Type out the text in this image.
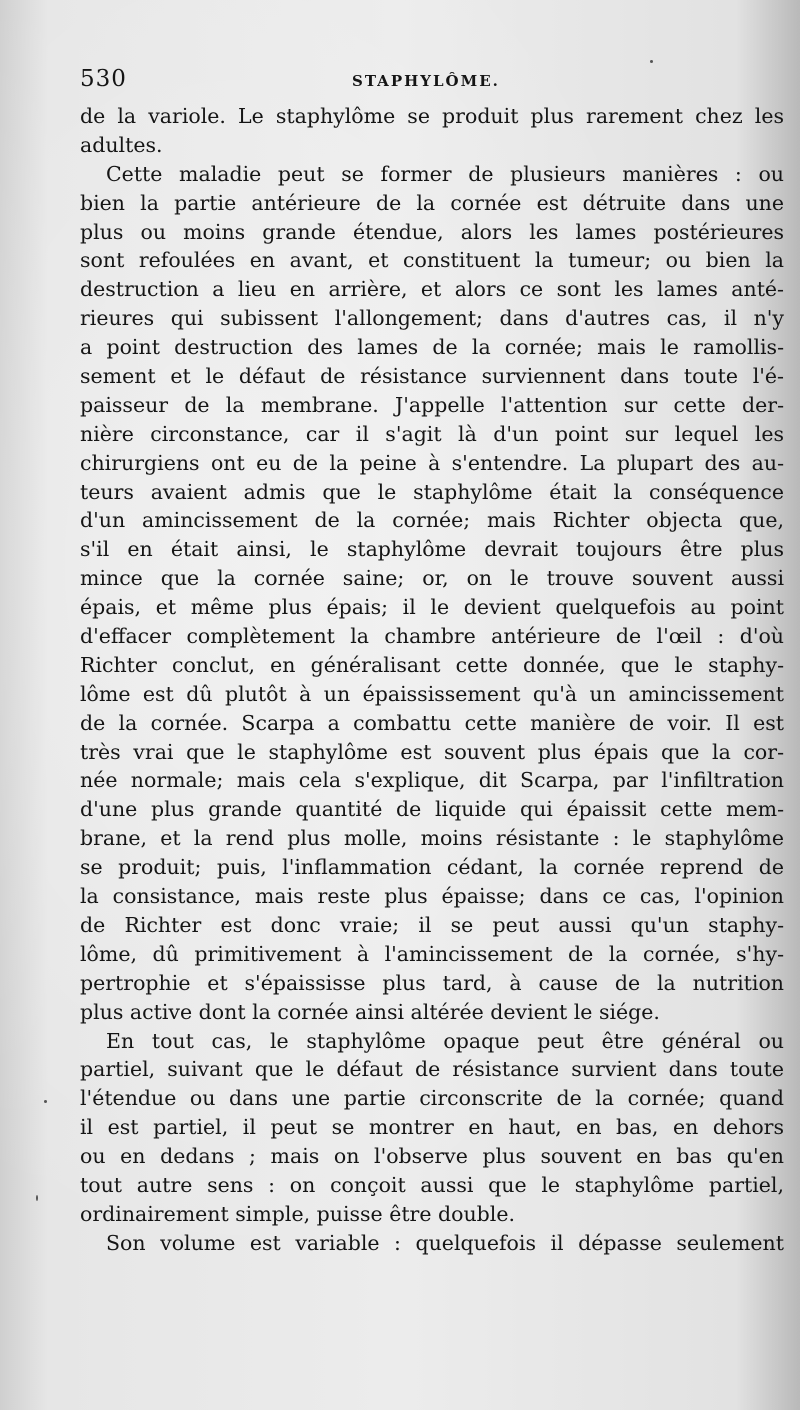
530	STAPHYLÔME.
de la variole. Le staphylôme se produit plus rarement chez les
adultes.
Cette maladie peut se former de plusieurs manières : ou
bien la partie antérieure de la cornée est détruite dans une
plus ou moins grande étendue, alors les lames postérieures
sont refoulées en avant, et constituent la tumeur; ou bien la
destruction a lieu en arrière, et alors ce sont les lames anté-
rieures qui subissent l'allongement; dans d'autres cas, il n'y
a point destruction des lames de la cornée; mais le ramollis-
sement et le défaut de résistance surviennent dans toute l'é-
paisseur de la membrane. J'appelle l'attention sur cette der-
nière circonstance, car il s'agit là d'un point sur lequel les
chirurgiens ont eu de la peine à s'entendre. La plupart des au-
teurs avaient admis que le staphylôme était la conséquence
d'un amincissement de la cornée; mais Richter objecta que,
s'il en était ainsi, le staphylôme devrait toujours être plus
mince que la cornée saine; or, on le trouve souvent aussi
épais, et même plus épais; il le devient quelquefois au point
d'effacer complètement la chambre antérieure de l'œil : d'où
Richter conclut, en généralisant cette donnée, que le staphy-
lôme est dû plutôt à un épaississement qu'à un amincissement
de la cornée. Scarpa a combattu cette manière de voir. Il est
très vrai que le staphylôme est souvent plus épais que la cor-
née normale; mais cela s'explique, dit Scarpa, par l'infiltration
d'une plus grande quantité de liquide qui épaissit cette mem-
brane, et la rend plus molle, moins résistante : le staphylôme
se produit; puis, l'inflammation cédant, la cornée reprend de
la consistance, mais reste plus épaisse; dans ce cas, l'opinion
de Richter est donc vraie; il se peut aussi qu'un staphy-
lôme, dû primitivement à l'amincissement de la cornée, s'hy-
pertrophie et s'épaississe plus tard, à cause de la nutrition
plus active dont la cornée ainsi altérée devient le siége.
En tout cas, le staphylôme opaque peut être général ou
partiel, suivant que le défaut de résistance survient dans toute
l'étendue ou dans une partie circonscrite de la cornée; quand
il est partiel, il peut se montrer en haut, en bas, en dehors
ou en dedans ; mais on l'observe plus souvent en bas qu'en
tout autre sens : on conçoit aussi que le staphylôme partiel,
ordinairement simple, puisse être double.
Son volume est variable : quelquefois il dépasse seulement
